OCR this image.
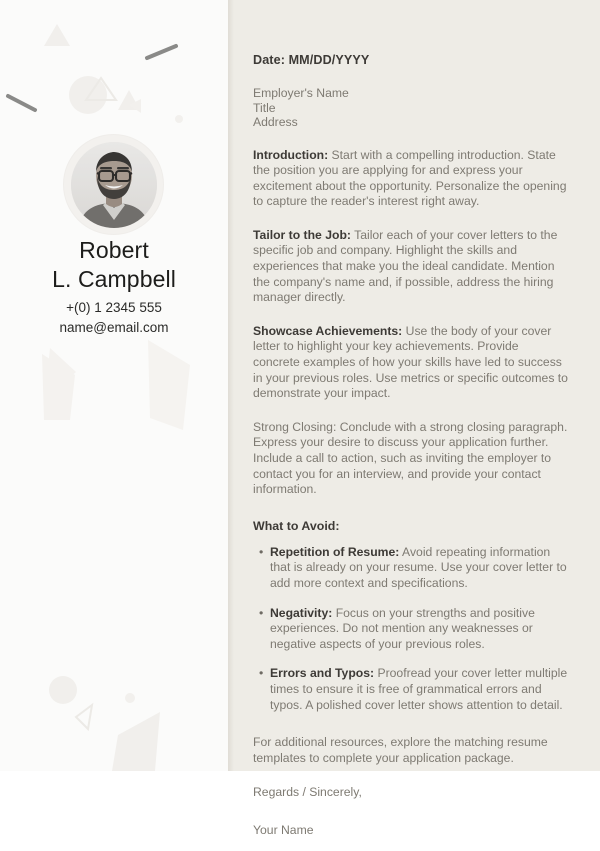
Robert
L. Campbell
+(0) 1 2345 555
name@email.com
Date: MM/DD/YYYY
Employer's Name
Title
Address

Introduction: Start with a compelling introduction. State the position you are applying for and express your excitement about the opportunity. Personalize the opening to capture the reader's interest right away.

Tailor to the Job: Tailor each of your cover letters to the specific job and company. Highlight the skills and experiences that make you the ideal candidate. Mention the company's name and, if possible, address the hiring manager directly.

Showcase Achievements: Use the body of your cover letter to highlight your key achievements. Provide concrete examples of how your skills have led to success in your previous roles. Use metrics or specific outcomes to demonstrate your impact.

Strong Closing: Conclude with a strong closing paragraph. Express your desire to discuss your application further. Include a call to action, such as inviting the employer to contact you for an interview, and provide your contact information.

What to Avoid:
• Repetition of Resume: Avoid repeating information that is already on your resume. Use your cover letter to add more context and specifications.
• Negativity: Focus on your strengths and positive experiences. Do not mention any weaknesses or negative aspects of your previous roles.
• Errors and Typos: Proofread your cover letter multiple times to ensure it is free of grammatical errors and typos. A polished cover letter shows attention to detail.

For additional resources, explore the matching resume templates to complete your application package.

Regards / Sincerely,

Your Name
